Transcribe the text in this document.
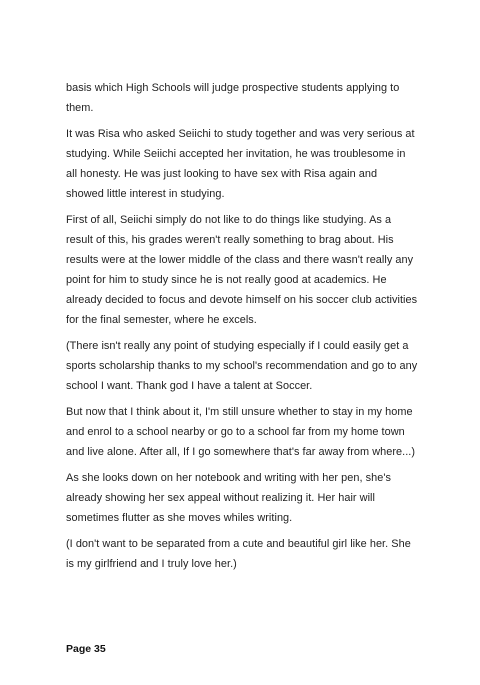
basis which High Schools will judge prospective students applying to them.

It was Risa who asked Seiichi to study together and was very serious at studying. While Seiichi accepted her invitation, he was troublesome in all honesty. He was just looking to have sex with Risa again and showed little interest in studying.

First of all, Seiichi simply do not like to do things like studying. As a result of this, his grades weren't really something to brag about. His results were at the lower middle of the class and there wasn't really any point for him to study since he is not really good at academics. He already decided to focus and devote himself on his soccer club activities for the final semester, where he excels.

(There isn't really any point of studying especially if I could easily get a sports scholarship thanks to my school's recommendation and go to any school I want. Thank god I have a talent at Soccer.

But now that I think about it, I'm still unsure whether to stay in my home and enrol to a school nearby or go to a school far from my home town and live alone. After all, If I go somewhere that's far away from where...)

As she looks down on her notebook and writing with her pen, she's already showing her sex appeal without realizing it. Her hair will sometimes flutter as she moves whiles writing.

(I don't want to be separated from a cute and beautiful girl like her. She is my girlfriend and I truly love her.)

Page 35
